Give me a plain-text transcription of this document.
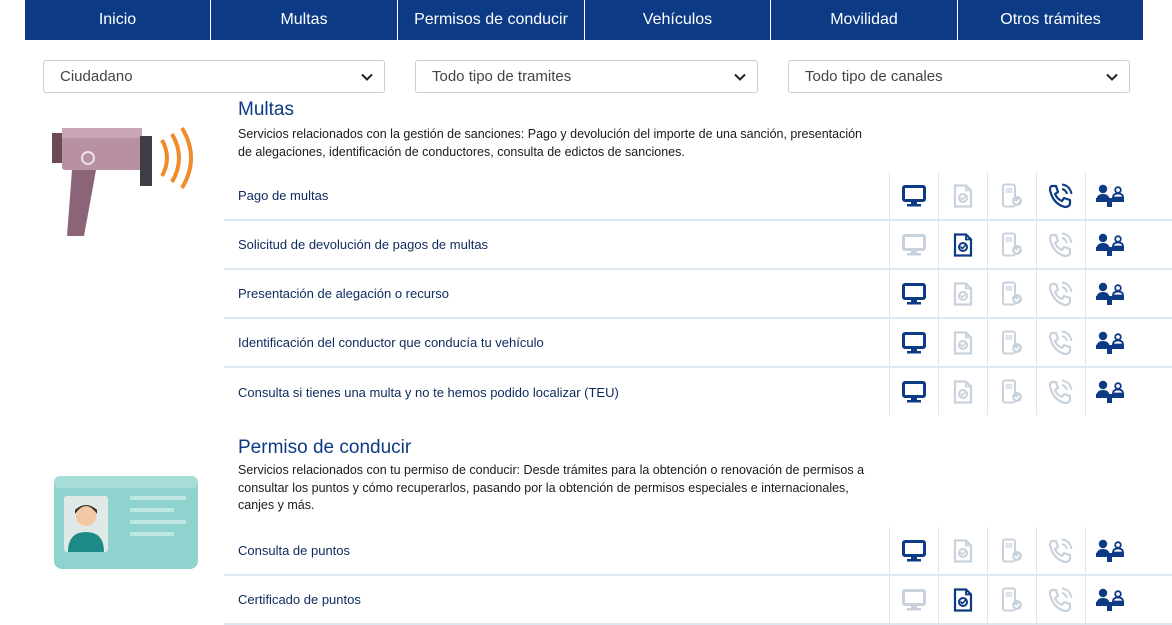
Inicio	Multas	Permisos de conducir	Vehículos	Movilidad	Otros trámites
Ciudadano	Todo tipo de tramites	Todo tipo de canales
Multas
Servicios relacionados con la gestión de sanciones: Pago y devolución del importe de una sanción, presentación de alegaciones, identificación de conductores, consulta de edictos de sanciones.
Pago de multas
Solicitud de devolución de pagos de multas
Presentación de alegación o recurso
Identificación del conductor que conducía tu vehículo
Consulta si tienes una multa y no te hemos podido localizar (TEU)
Permiso de conducir
Servicios relacionados con tu permiso de conducir: Desde trámites para la obtención o renovación de permisos a consultar los puntos y cómo recuperarlos, pasando por la obtención de permisos especiales e internacionales, canjes y más.
Consulta de puntos
Certificado de puntos
